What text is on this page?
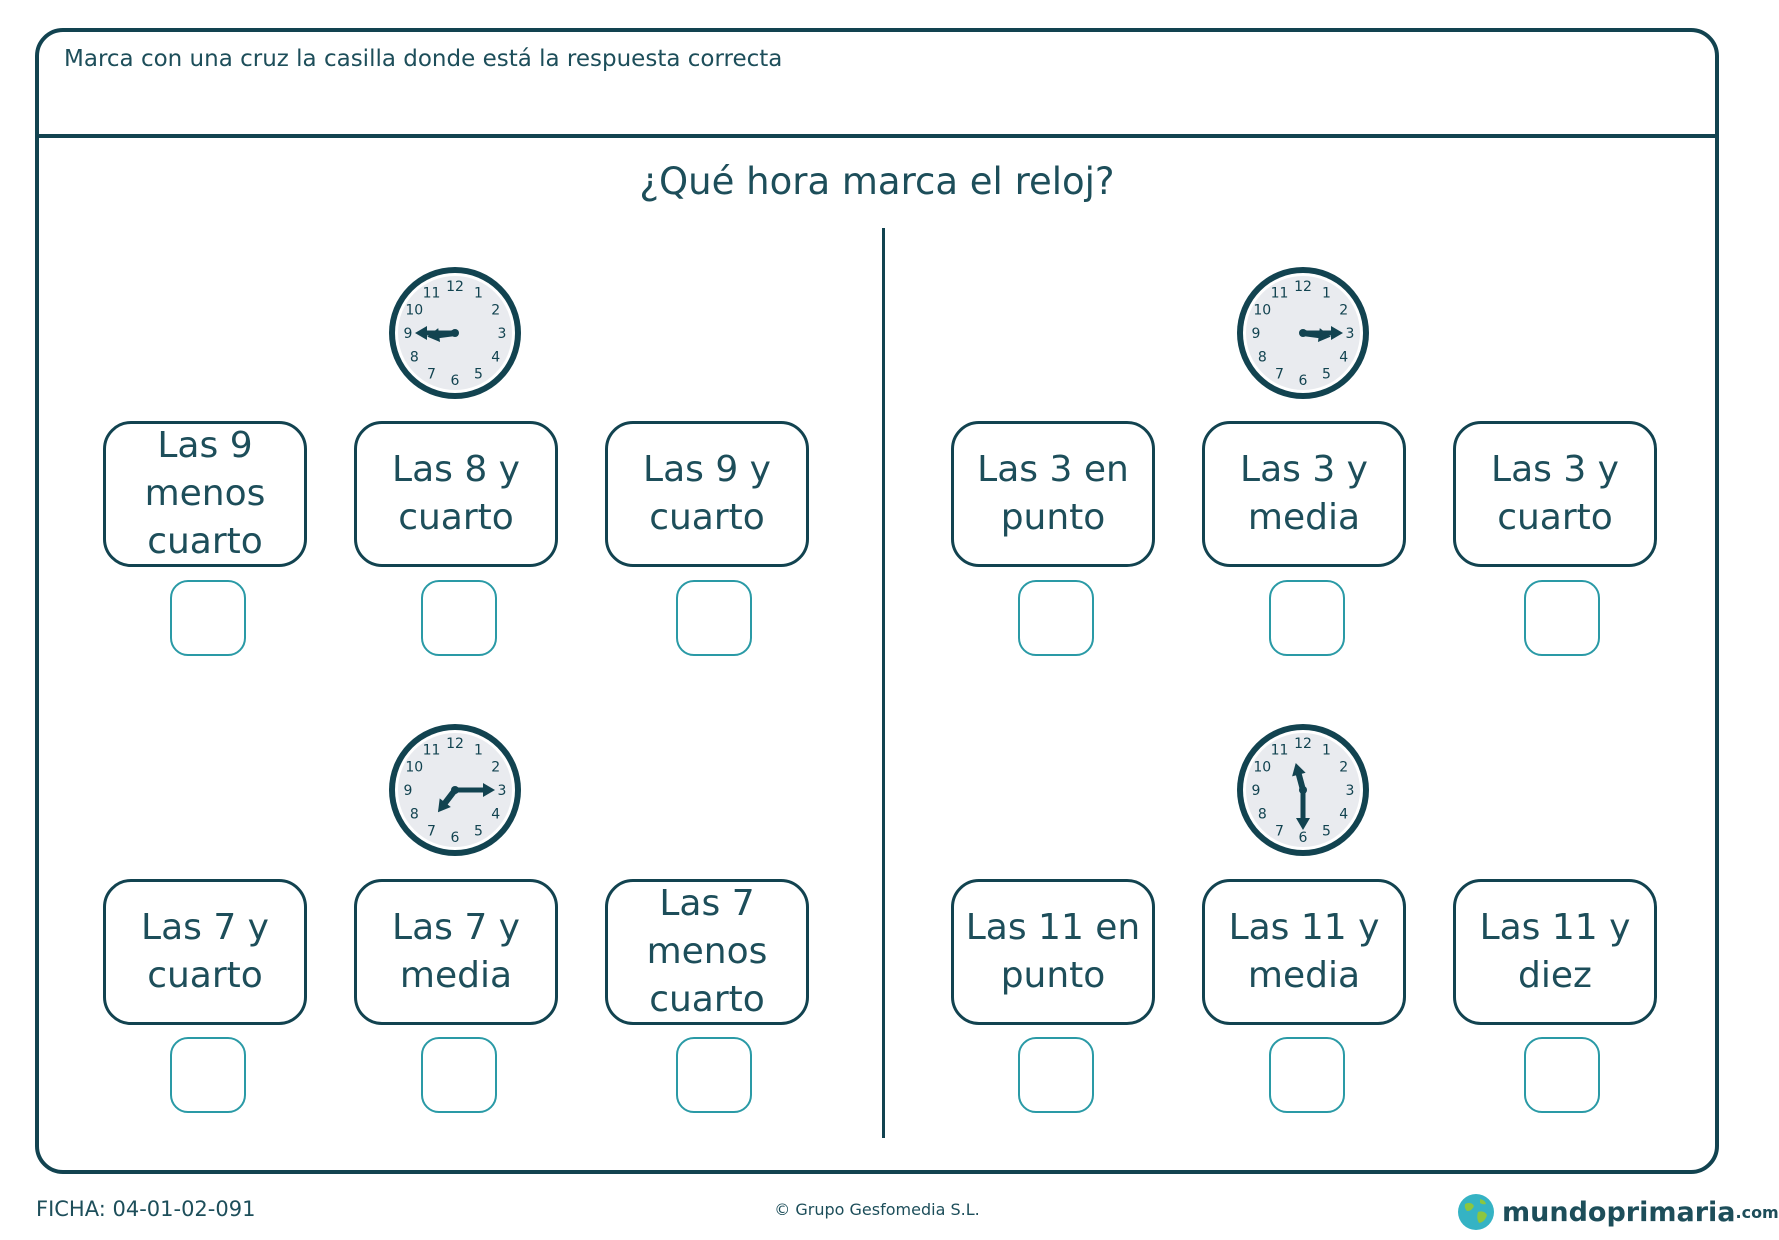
Marca con una cruz la casilla donde está la respuesta correcta
¿Qué hora marca el reloj?
12 1
2
3
4
5
6
7
8
9
10
11
Las 9 menos cuarto
Las 8 y cuarto
Las 9 y cuarto
12 1
2
3
4
5
6
7
8
9
10
11
Las 3 en punto
Las 3 y media
Las 3 y cuarto
12 1
2
3
4
5
6
7
8
9
10
11
Las 7 y cuarto
Las 7 y media
Las 7 menos cuarto
12 1
2
3
4
5
6
7
8
9
10
11
Las 11 en punto
Las 11 y media
Las 11 y diez
FICHA: 04-01-02-091	© Grupo Gesfomedia S.L.	mundoprimaria .com
